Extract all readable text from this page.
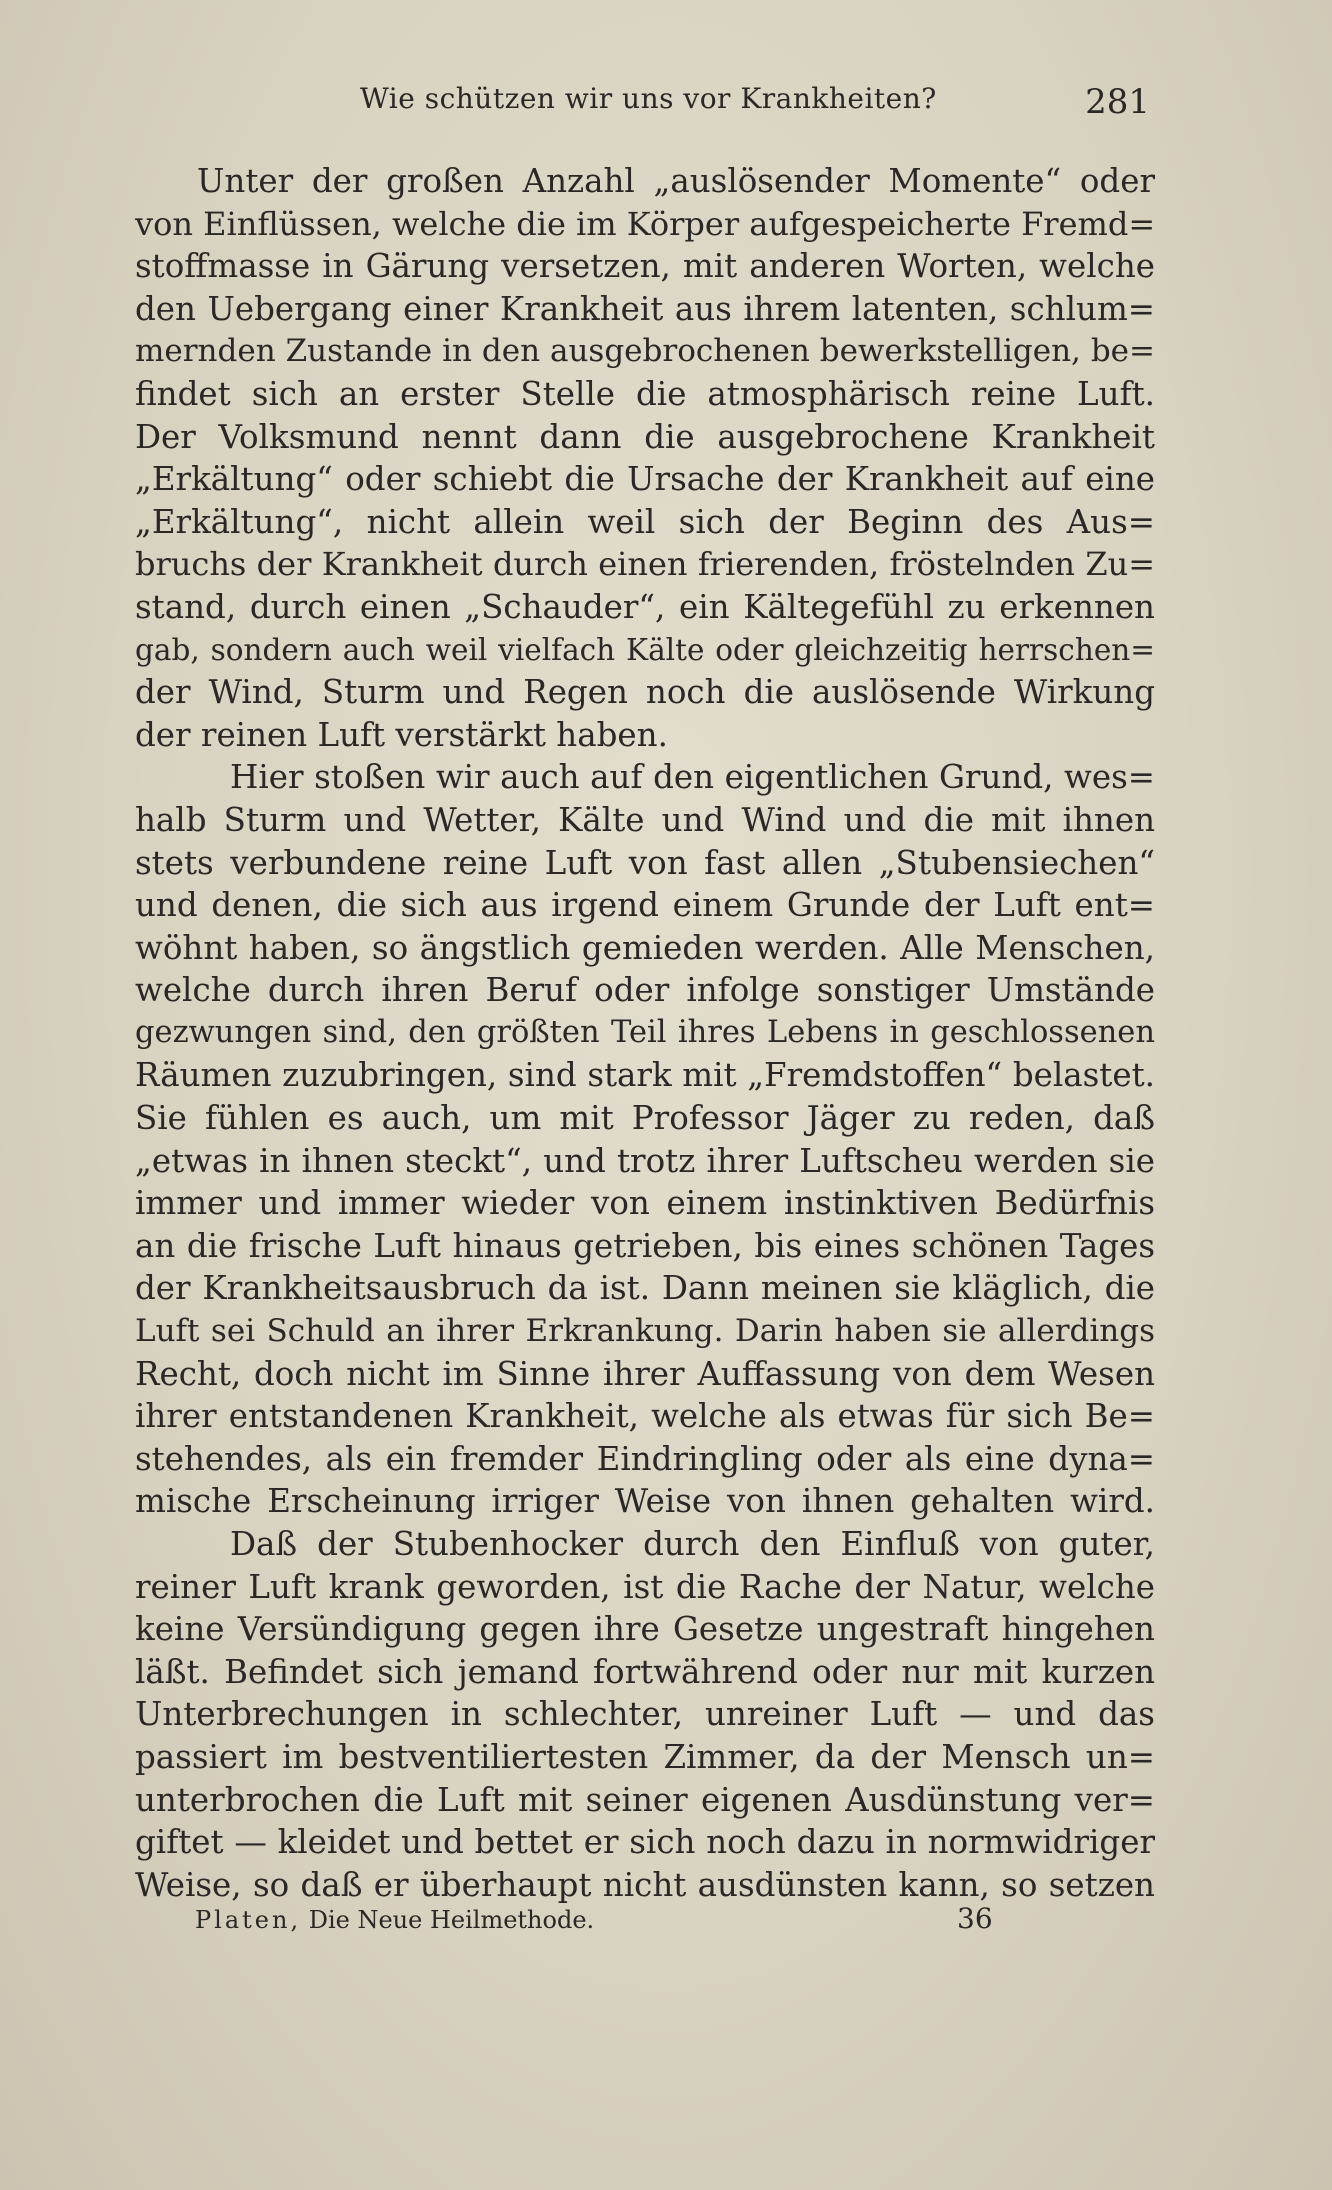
Wie schützen wir uns vor Krankheiten?	281
Unter der großen Anzahl „auslösender Momente“ oder
von Einflüssen, welche die im Körper aufgespeicherte Fremd=
stoffmasse in Gärung versetzen, mit anderen Worten, welche
den Uebergang einer Krankheit aus ihrem latenten, schlum=
mernden Zustande in den ausgebrochenen bewerkstelligen, be=
findet sich an erster Stelle die atmosphärisch reine Luft.
Der Volksmund nennt dann die ausgebrochene Krankheit
„Erkältung“ oder schiebt die Ursache der Krankheit auf eine
„Erkältung“, nicht allein weil sich der Beginn des Aus=
bruchs der Krankheit durch einen frierenden, fröstelnden Zu=
stand, durch einen „Schauder“, ein Kältegefühl zu erkennen
gab, sondern auch weil vielfach Kälte oder gleichzeitig herrschen=
der Wind, Sturm und Regen noch die auslösende Wirkung
der reinen Luft verstärkt haben.
Hier stoßen wir auch auf den eigentlichen Grund, wes=
halb Sturm und Wetter, Kälte und Wind und die mit ihnen
stets verbundene reine Luft von fast allen „Stubensiechen“
und denen, die sich aus irgend einem Grunde der Luft ent=
wöhnt haben, so ängstlich gemieden werden. Alle Menschen,
welche durch ihren Beruf oder infolge sonstiger Umstände
gezwungen sind, den größten Teil ihres Lebens in geschlossenen
Räumen zuzubringen, sind stark mit „Fremdstoffen“ belastet.
Sie fühlen es auch, um mit Professor Jäger zu reden, daß
„etwas in ihnen steckt“, und trotz ihrer Luftscheu werden sie
immer und immer wieder von einem instinktiven Bedürfnis
an die frische Luft hinaus getrieben, bis eines schönen Tages
der Krankheitsausbruch da ist. Dann meinen sie kläglich, die
Luft sei Schuld an ihrer Erkrankung. Darin haben sie allerdings
Recht, doch nicht im Sinne ihrer Auffassung von dem Wesen
ihrer entstandenen Krankheit, welche als etwas für sich Be=
stehendes, als ein fremder Eindringling oder als eine dyna=
mische Erscheinung irriger Weise von ihnen gehalten wird.
Daß der Stubenhocker durch den Einfluß von guter,
reiner Luft krank geworden, ist die Rache der Natur, welche
keine Versündigung gegen ihre Gesetze ungestraft hingehen
läßt. Befindet sich jemand fortwährend oder nur mit kurzen
Unterbrechungen in schlechter, unreiner Luft — und das
passiert im bestventiliertesten Zimmer, da der Mensch un=
unterbrochen die Luft mit seiner eigenen Ausdünstung ver=
giftet — kleidet und bettet er sich noch dazu in normwidriger
Weise, so daß er überhaupt nicht ausdünsten kann, so setzen
Platen, Die Neue Heilmethode.	36
